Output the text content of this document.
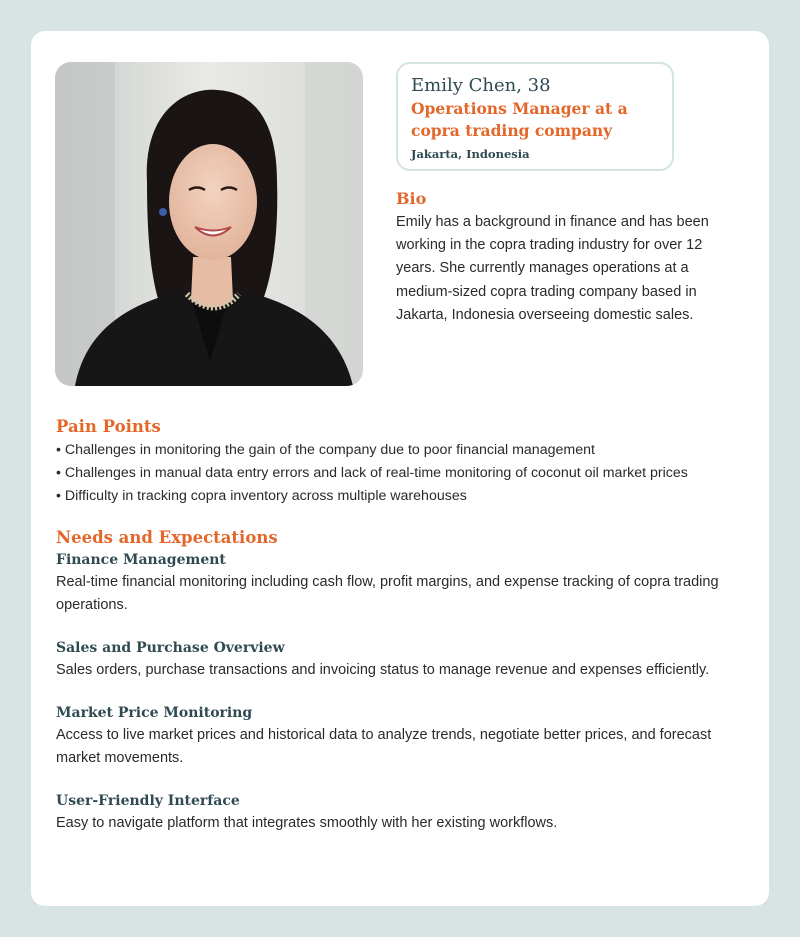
Emily Chen, 38
Operations Manager at a copra trading company
Jakarta, Indonesia
Bio
Emily has a background in finance and has been working in the copra trading industry for over 12 years. She currently manages operations at a medium-sized copra trading company based in Jakarta, Indonesia overseeing domestic sales.
Pain Points
• Challenges in monitoring the gain of the company due to poor financial management
• Challenges in manual data entry errors and lack of real-time monitoring of coconut oil market prices
• Difficulty in tracking copra inventory across multiple warehouses
Needs and Expectations
Finance Management
Real-time financial monitoring including cash flow, profit margins, and expense tracking of copra trading operations.
Sales and Purchase Overview
Sales orders, purchase transactions and invoicing status to manage revenue and expenses efficiently.
Market Price Monitoring
Access to live market prices and historical data to analyze trends, negotiate better prices, and forecast market movements.
User-Friendly Interface
Easy to navigate platform that integrates smoothly with her existing workflows.
